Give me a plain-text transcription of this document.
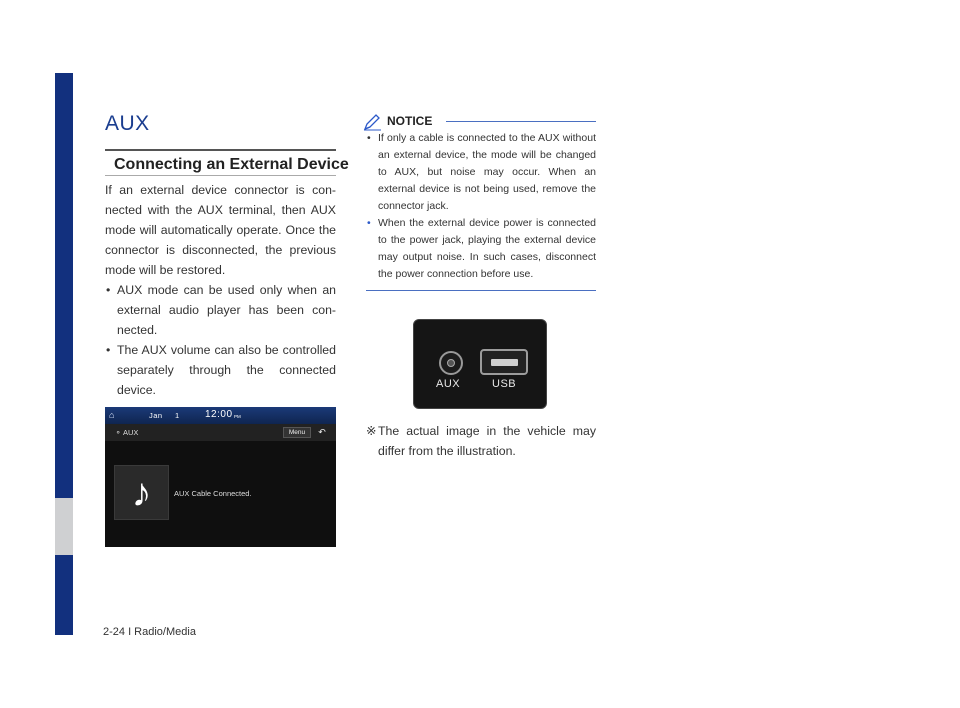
AUX
Connecting an External Device

If an external device connector is con-nected with the AUX terminal, then AUX mode will automatically operate. Once the connector is disconnected, the previous mode will be restored.

• AUX mode can be used only when an external audio player has been con-nected.
• The AUX volume can also be controlled separately through the connected device.
⌂	Jan 1	12:00 PM
⚬ AUX	Menu	↶
♪	AUX Cable Connected.
NOTICE
• If only a cable is connected to the AUX without an external device, the mode will be changed to AUX, but noise may occur. When an external device is not being used, remove the connector jack.
• When the external device power is connected to the power jack, playing the external device may output noise. In such cases, disconnect the power connection before use.
AUX	USB
※ The actual image in the vehicle may differ from the illustration.
2-24 I Radio/Media
